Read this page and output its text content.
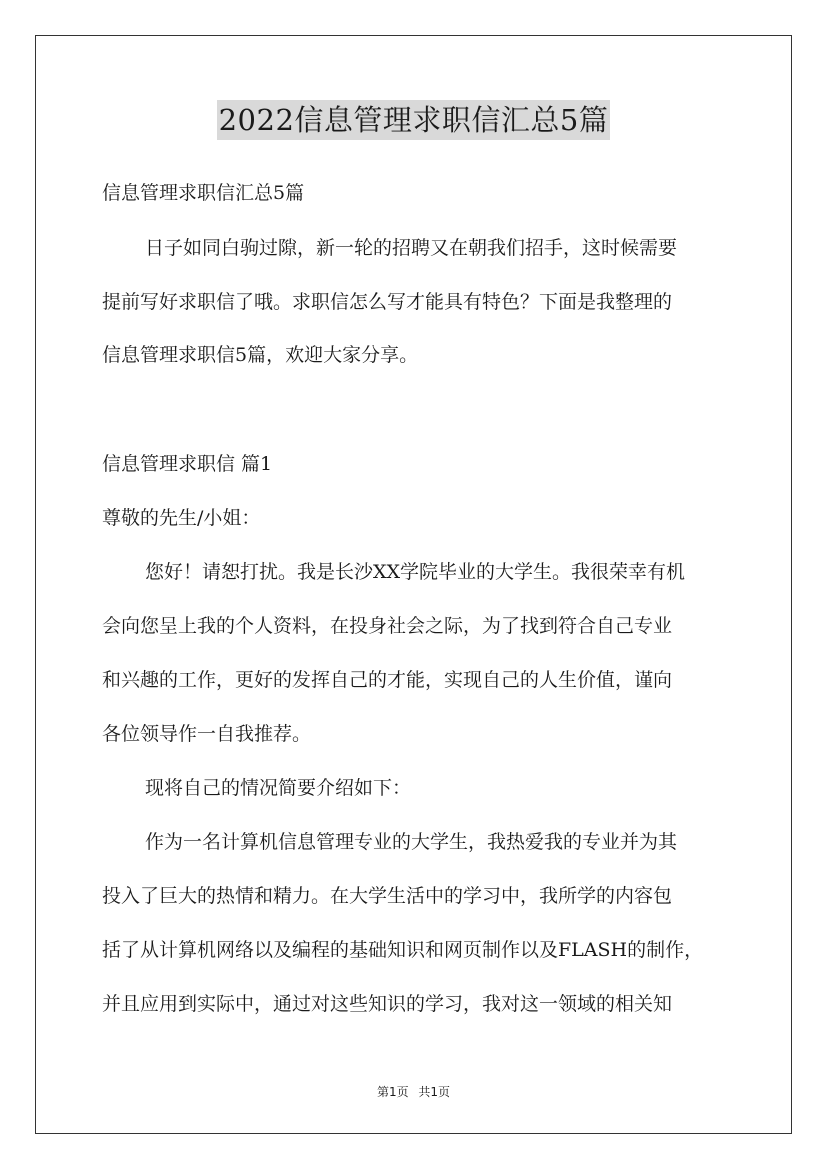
2022信息管理求职信汇总5篇
信息管理求职信汇总5篇
日子如同白驹过隙，新一轮的招聘又在朝我们招手，这时候需要
提前写好求职信了哦。求职信怎么写才能具有特色？下面是我整理的
信息管理求职信5篇，欢迎大家分享。
信息管理求职信 篇1
尊敬的先生/小姐：
您好！请恕打扰。我是长沙XX学院毕业的大学生。我很荣幸有机
会向您呈上我的个人资料，在投身社会之际，为了找到符合自己专业
和兴趣的工作，更好的发挥自己的才能，实现自己的人生价值，谨向
各位领导作一自我推荐。
现将自己的情况简要介绍如下：
作为一名计算机信息管理专业的大学生，我热爱我的专业并为其
投入了巨大的热情和精力。在大学生活中的学习中，我所学的内容包
括了从计算机网络以及编程的基础知识和网页制作以及FLASH的制作，
并且应用到实际中，通过对这些知识的学习，我对这一领域的相关知
第1页 共1页
